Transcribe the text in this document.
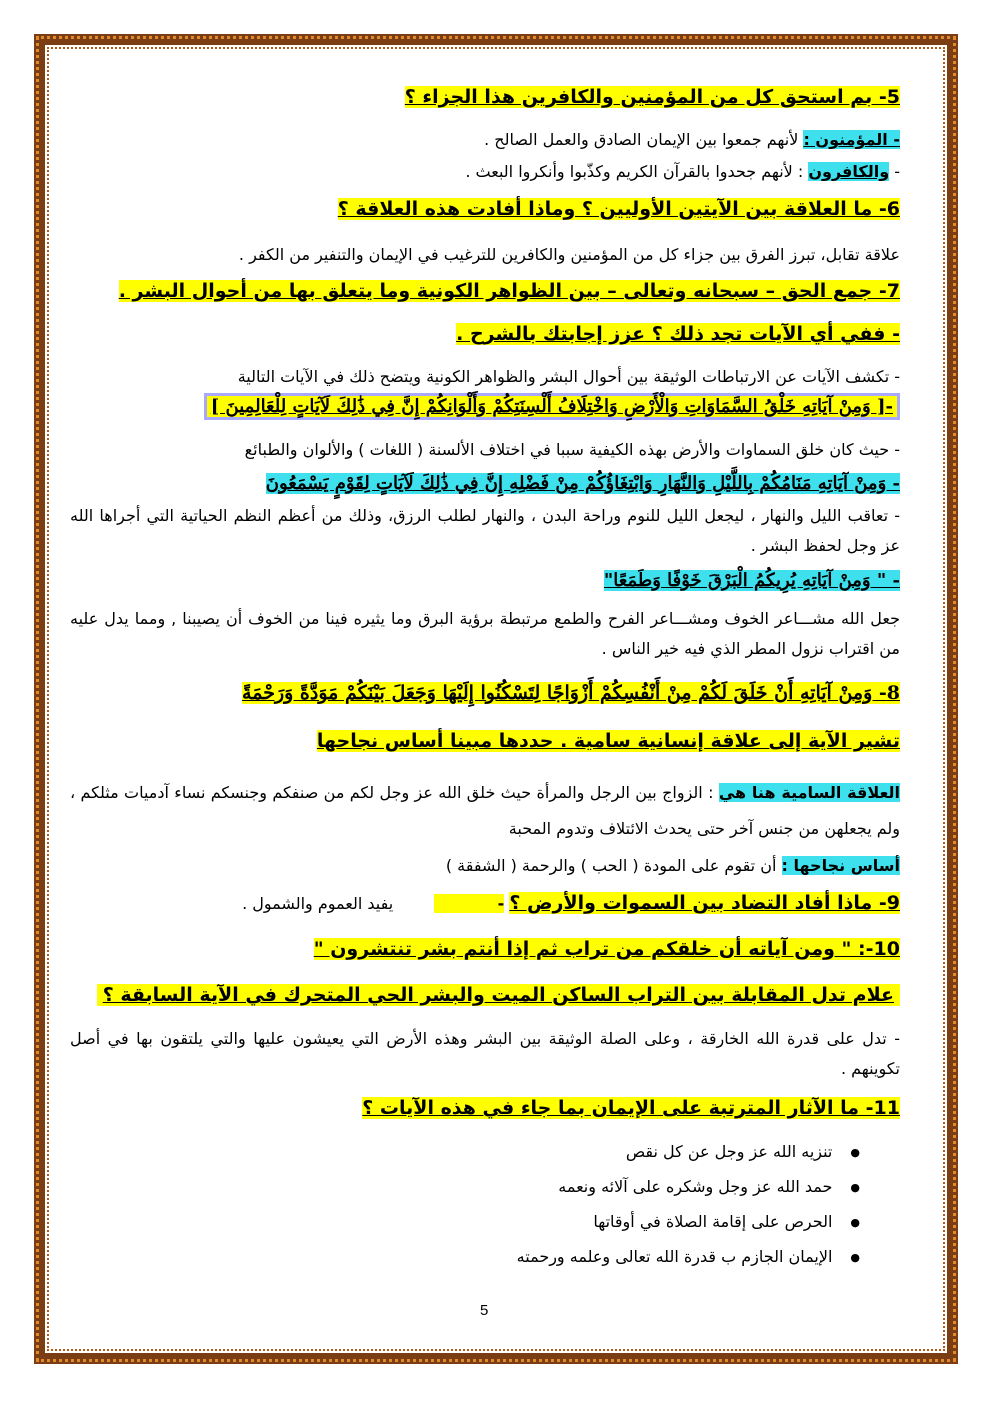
5- بم استحق كل من المؤمنين والكافرين هذا الجزاء ؟
- المؤمنون : لأنهم جمعوا بين الإيمان الصادق والعمل الصالح .
- والكافرون : لأنهم جحدوا بالقرآن الكريم وكذّبوا وأنكروا البعث .
6- ما العلاقة بين الآيتين الأوليين ؟ وماذا أفادت هذه العلاقة ؟
علاقة تقابل، تبرز الفرق بين جزاء كل من المؤمنين والكافرين للترغيب في الإيمان والتنفير من الكفر .
7- جمع الحق – سبحانه وتعالى – بين الظواهر الكونية وما يتعلق بها من أحوال البشر .
- ففي أي الآيات تجد ذلك ؟ عزز إجابتك بالشرح .
- تكشف الآيات عن الارتباطات الوثيقة بين أحوال البشر والظواهر الكونية ويتضح ذلك في الآيات التالية
-[ وَمِنْ آيَاتِهِ خَلْقُ السَّمَاوَاتِ وَالْأَرْضِ وَاخْتِلَافُ أَلْسِنَتِكُمْ وَأَلْوَانِكُمْ إِنَّ فِي ذَٰلِكَ لَآيَاتٍ لِلْعَالِمِينَ ]
- حيث كان خلق السماوات والأرض بهذه الكيفية سببا في اختلاف الألسنة ( اللغات ) والألوان والطبائع
- وَمِنْ آيَاتِهِ مَنَامُكُمْ بِاللَّيْلِ وَالنَّهَارِ وَابْتِغَاؤُكُمْ مِنْ فَضْلِهِ إِنَّ فِي ذَٰلِكَ لَآيَاتٍ لِقَوْمٍ يَسْمَعُونَ
- تعاقب الليل والنهار ، ليجعل الليل للنوم وراحة البدن ، والنهار لطلب الرزق، وذلك من أعظم النظم الحياتية التي أجراها الله عز وجل لحفظ البشر .
- " وَمِنْ آيَاتِهِ يُرِيكُمُ الْبَرْقَ خَوْفًا وَطَمَعًا"
جعل الله مشـــاعر الخوف ومشـــاعر الفرح والطمع مرتبطة برؤية البرق وما يثيره فينا من الخوف أن يصيبنا , ومما يدل عليه من اقتراب نزول المطر الذي فيه خير الناس .
8- وَمِنْ آيَاتِهِ أَنْ خَلَقَ لَكُمْ مِنْ أَنْفُسِكُمْ أَزْوَاجًا لِتَسْكُنُوا إِلَيْهَا وَجَعَلَ بَيْنَكُمْ مَوَدَّةً وَرَحْمَةً
تشير الآية إلى علاقة إنسانية سامية . حددها مبينا أساس نجاحها
العلاقة السامية هنا هي : الزواج بين الرجل والمرأة حيث خلق الله عز وجل لكم من صنفكم وجنسكم نساء آدميات مثلكم ، ولم يجعلهن من جنس آخر حتى يحدث الائتلاف وتدوم المحبة
أساس نجاحها : أن تقوم على المودة ( الحب ) والرحمة ( الشفقة )
9- ماذا أفاد التضاد بين السموات والأرض ؟ - يفيد العموم والشمول .
10-: " ومن آياته أن خلقكم من تراب ثم إذا أنتم بشر تنتشرون "
علام تدل المقابلة بين التراب الساكن الميت والبشر الحي المتحرك في الآية السابقة ؟
- تدل على قدرة الله الخارقة ، وعلى الصلة الوثيقة بين البشر وهذه الأرض التي يعيشون عليها والتي يلتقون بها في أصل تكوينهم .
11- ما الآثار المترتبة على الإيمان بما جاء في هذه الآيات ؟
● تنزيه الله عز وجل عن كل نقص
● حمد الله عز وجل وشكره على آلائه ونعمه
● الحرص على إقامة الصلاة في أوقاتها
● الإيمان الجازم ب قدرة الله تعالى وعلمه ورحمته
5
